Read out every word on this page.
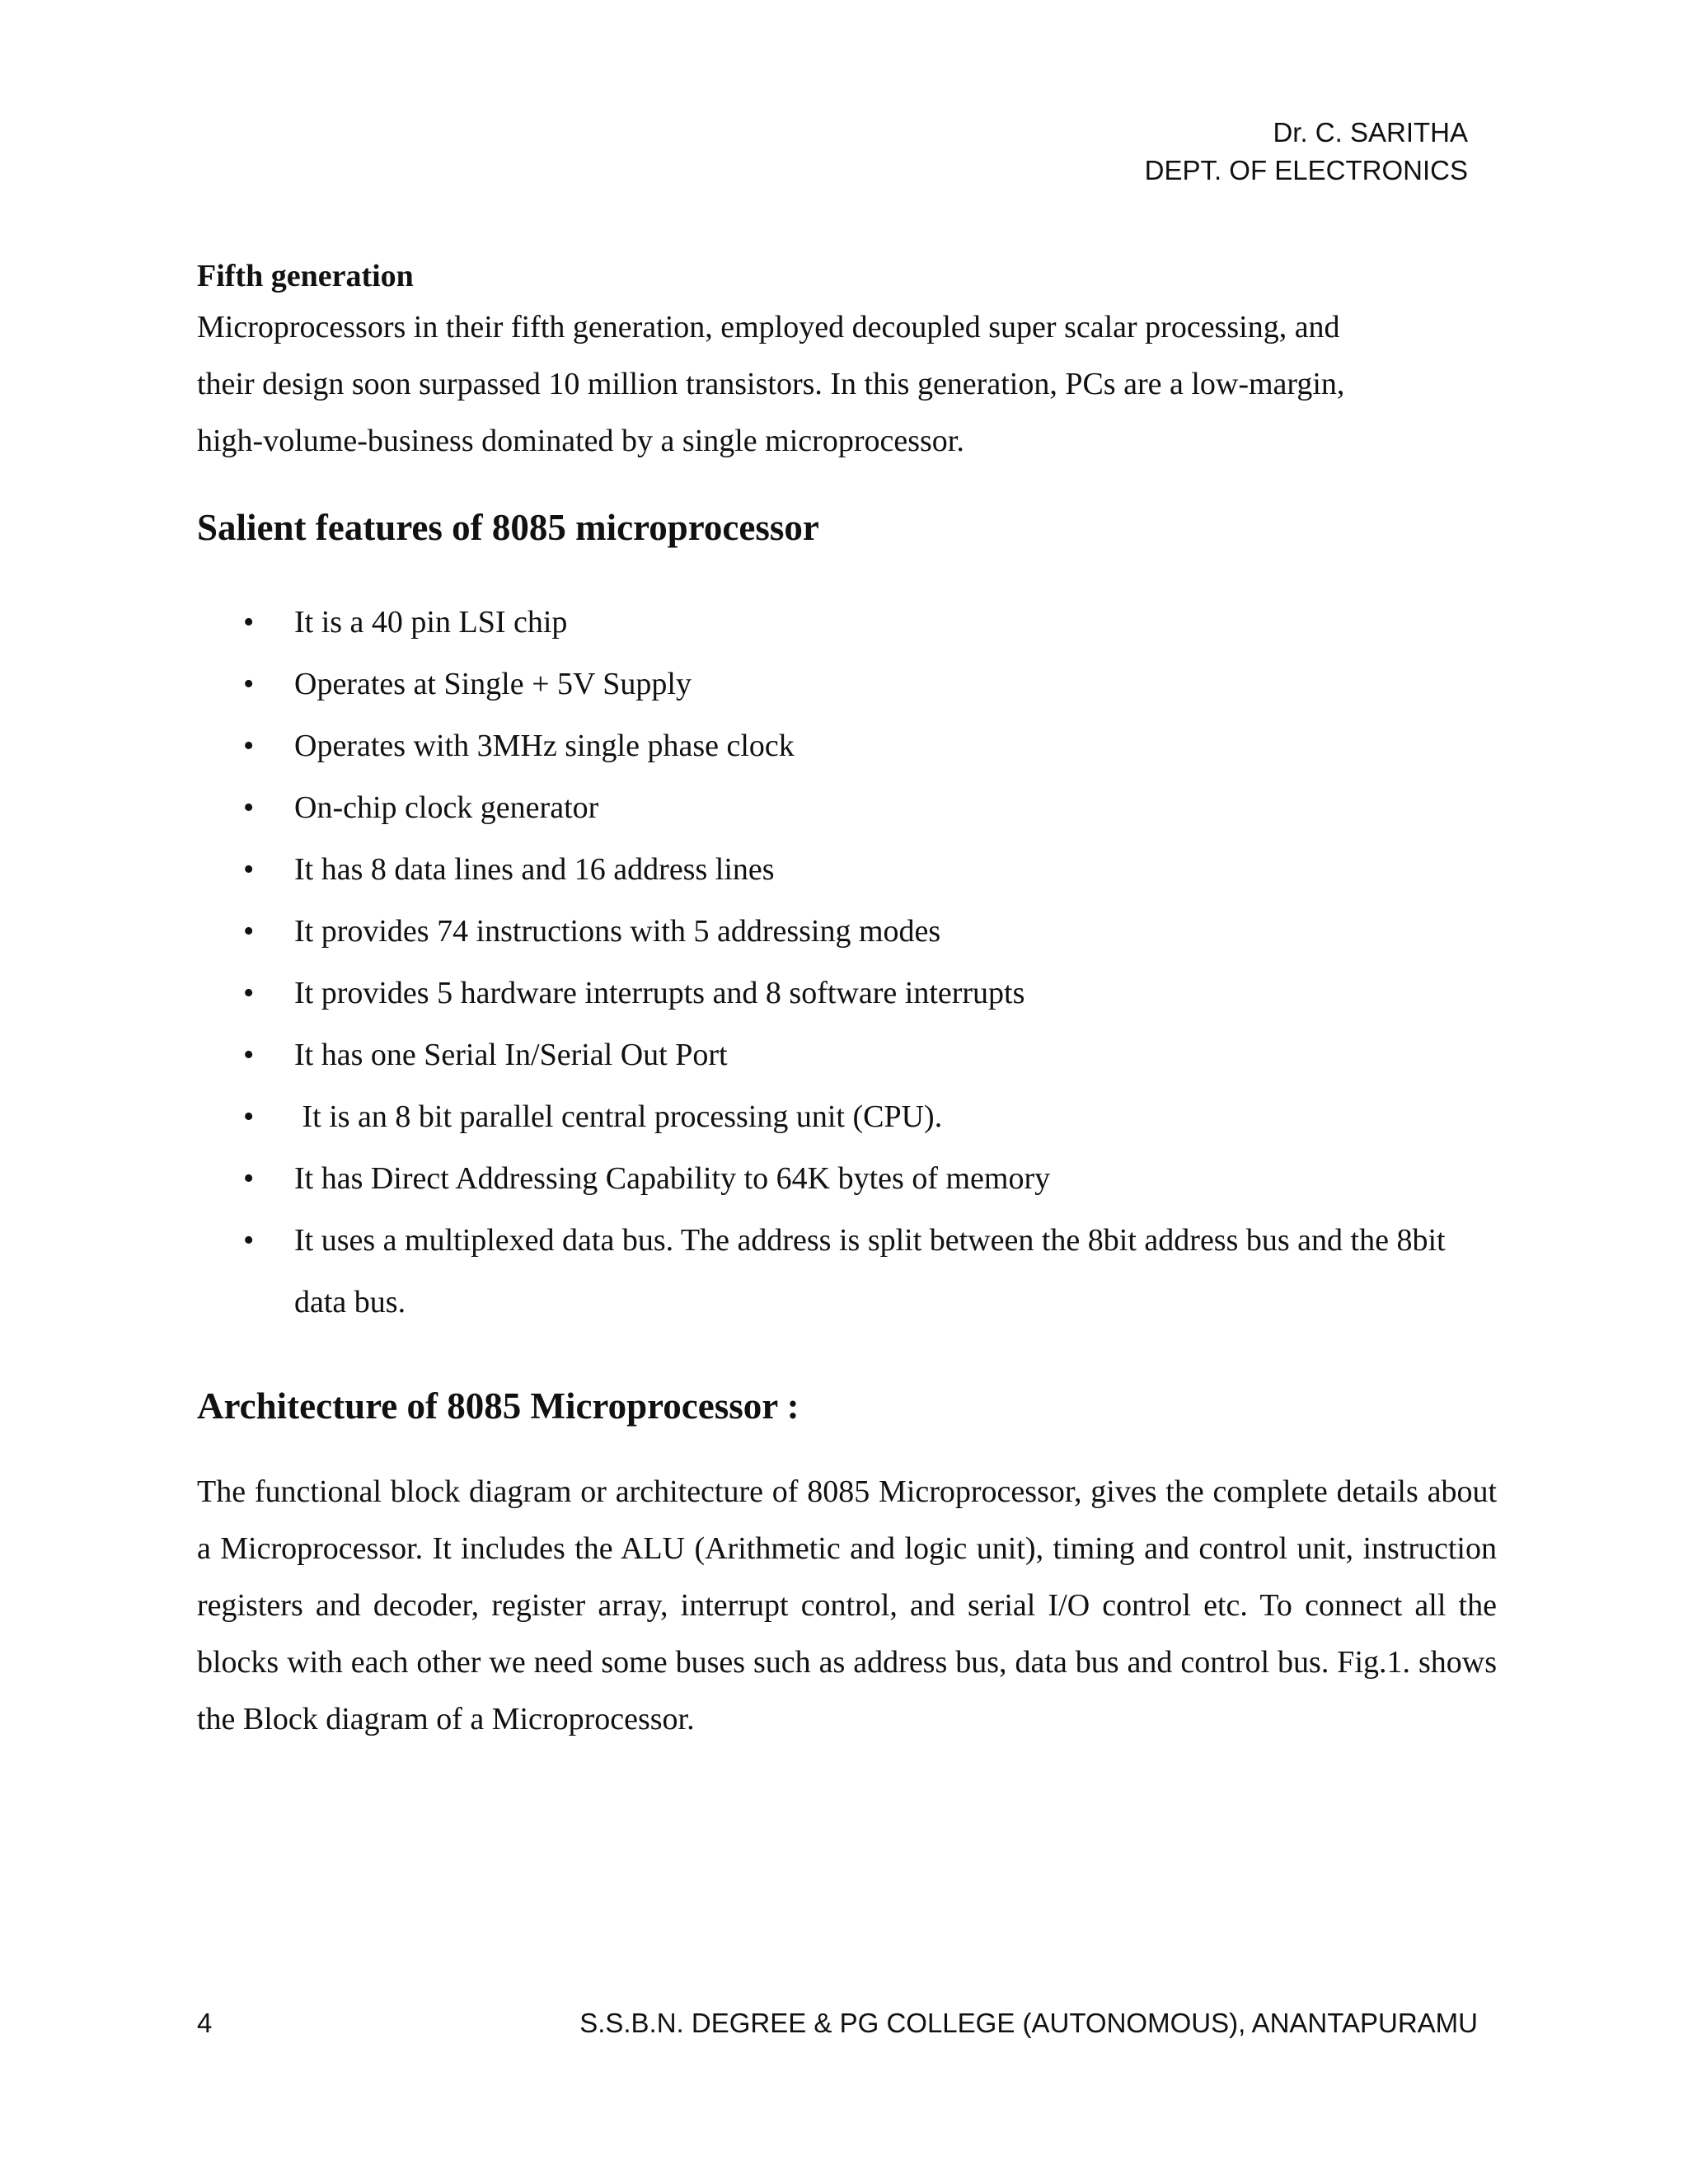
Dr. C. SARITHA
DEPT. OF ELECTRONICS

Fifth generation

Microprocessors in their fifth generation, employed decoupled super scalar processing, and

their design soon surpassed 10 million transistors. In this generation, PCs are a low-margin,

high-volume-business dominated by a single microprocessor.

Salient features of 8085 microprocessor
• It is a 40 pin LSI chip
• Operates at Single + 5V Supply
• Operates with 3MHz single phase clock
• On-chip clock generator
• It has 8 data lines and 16 address lines
• It provides 74 instructions with 5 addressing modes
• It provides 5 hardware interrupts and 8 software interrupts
• It has one Serial In/Serial Out Port
• It is an 8 bit parallel central processing unit (CPU).
• It has Direct Addressing Capability to 64K bytes of memory
• It uses a multiplexed data bus. The address is split between the 8bit address bus and the 8bit data bus.
Architecture of 8085 Microprocessor :

The functional block diagram or architecture of 8085 Microprocessor, gives the complete details about a Microprocessor. It includes the ALU (Arithmetic and logic unit), timing and control unit, instruction registers and decoder, register array, interrupt control, and serial I/O control etc. To connect all the blocks with each other we need some buses such as address bus, data bus and control bus. Fig.1. shows the Block diagram of a Microprocessor.

4	S.S.B.N. DEGREE & PG COLLEGE (AUTONOMOUS), ANANTAPURAMU
